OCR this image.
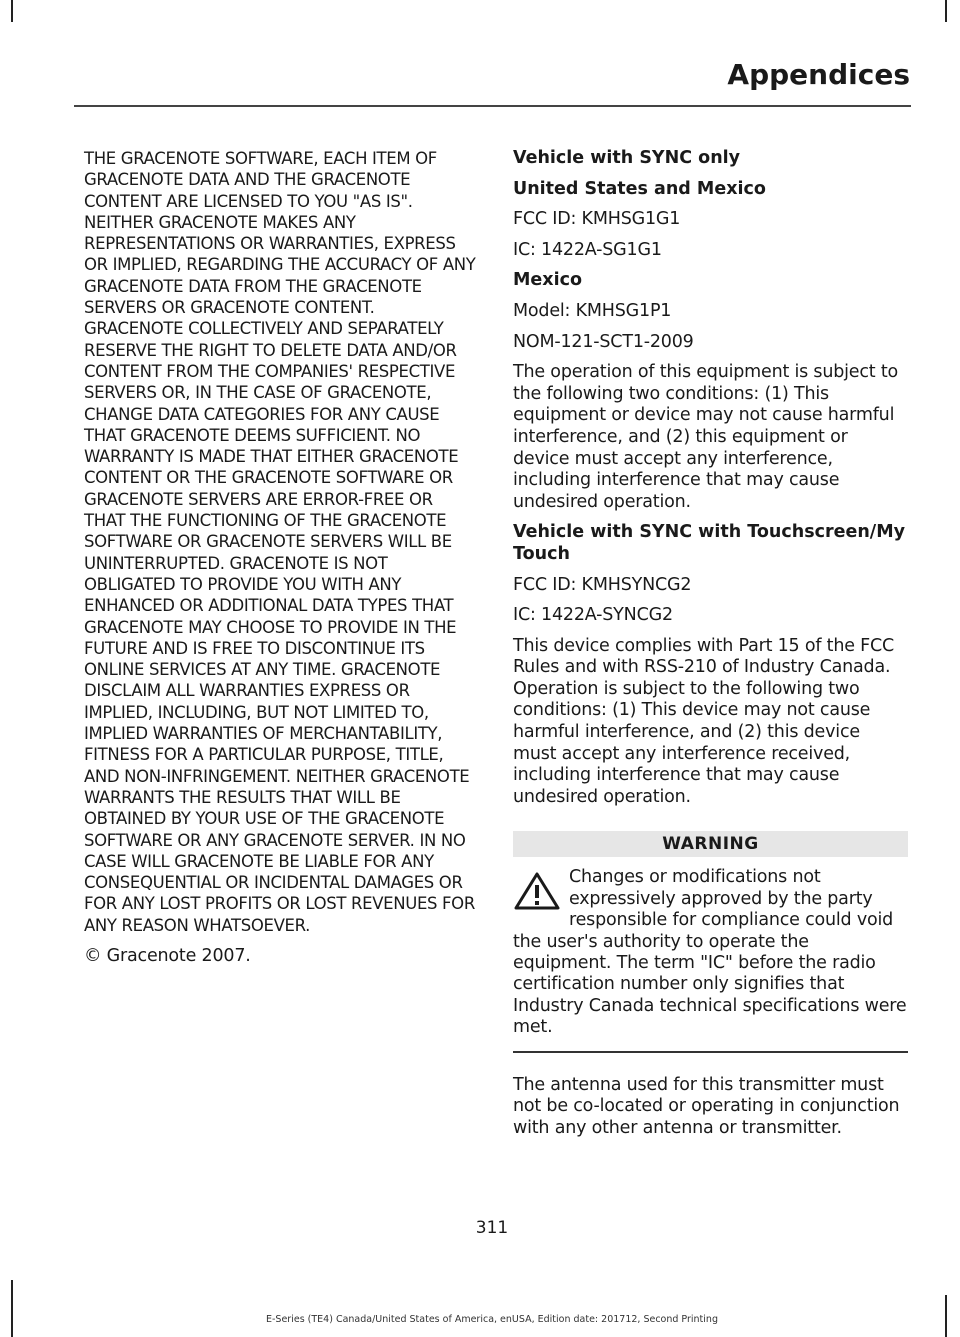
Appendices

THE GRACENOTE SOFTWARE, EACH ITEM OF GRACENOTE DATA AND THE GRACENOTE CONTENT ARE LICENSED TO YOU "AS IS". NEITHER GRACENOTE MAKES ANY REPRESENTATIONS OR WARRANTIES, EXPRESS OR IMPLIED, REGARDING THE ACCURACY OF ANY GRACENOTE DATA FROM THE GRACENOTE SERVERS OR GRACENOTE CONTENT. GRACENOTE COLLECTIVELY AND SEPARATELY RESERVE THE RIGHT TO DELETE DATA AND/OR CONTENT FROM THE COMPANIES' RESPECTIVE SERVERS OR, IN THE CASE OF GRACENOTE, CHANGE DATA CATEGORIES FOR ANY CAUSE THAT GRACENOTE DEEMS SUFFICIENT. NO WARRANTY IS MADE THAT EITHER GRACENOTE CONTENT OR THE GRACENOTE SOFTWARE OR GRACENOTE SERVERS ARE ERROR-FREE OR THAT THE FUNCTIONING OF THE GRACENOTE SOFTWARE OR GRACENOTE SERVERS WILL BE UNINTERRUPTED. GRACENOTE IS NOT OBLIGATED TO PROVIDE YOU WITH ANY ENHANCED OR ADDITIONAL DATA TYPES THAT GRACENOTE MAY CHOOSE TO PROVIDE IN THE FUTURE AND IS FREE TO DISCONTINUE ITS ONLINE SERVICES AT ANY TIME. GRACENOTE DISCLAIM ALL WARRANTIES EXPRESS OR IMPLIED, INCLUDING, BUT NOT LIMITED TO, IMPLIED WARRANTIES OF MERCHANTABILITY, FITNESS FOR A PARTICULAR PURPOSE, TITLE, AND NON-INFRINGEMENT. NEITHER GRACENOTE WARRANTS THE RESULTS THAT WILL BE OBTAINED BY YOUR USE OF THE GRACENOTE SOFTWARE OR ANY GRACENOTE SERVER. IN NO CASE WILL GRACENOTE BE LIABLE FOR ANY CONSEQUENTIAL OR INCIDENTAL DAMAGES OR FOR ANY LOST PROFITS OR LOST REVENUES FOR ANY REASON WHATSOEVER.

© Gracenote 2007.

Vehicle with SYNC only
United States and Mexico

FCC ID: KMHSG1G1

IC: 1422A-SG1G1

Mexico

Model: KMHSG1P1

NOM-121-SCT1-2009

The operation of this equipment is subject to the following two conditions: (1) This equipment or device may not cause harmful interference, and (2) this equipment or device must accept any interference, including interference that may cause undesired operation.

Vehicle with SYNC with Touchscreen/My Touch

FCC ID: KMHSYNCG2

IC: 1422A-SYNCG2

This device complies with Part 15 of the FCC Rules and with RSS-210 of Industry Canada. Operation is subject to the following two conditions: (1) This device may not cause harmful interference, and (2) this device must accept any interference received, including interference that may cause undesired operation.

WARNING
Changes or modifications not expressively approved by the party responsible for compliance could void the user's authority to operate the equipment. The term "IC" before the radio certification number only signifies that Industry Canada technical specifications were met.

The antenna used for this transmitter must not be co-located or operating in conjunction with any other antenna or transmitter.

311
E-Series (TE4) Canada/United States of America, enUSA, Edition date: 201712, Second Printing
